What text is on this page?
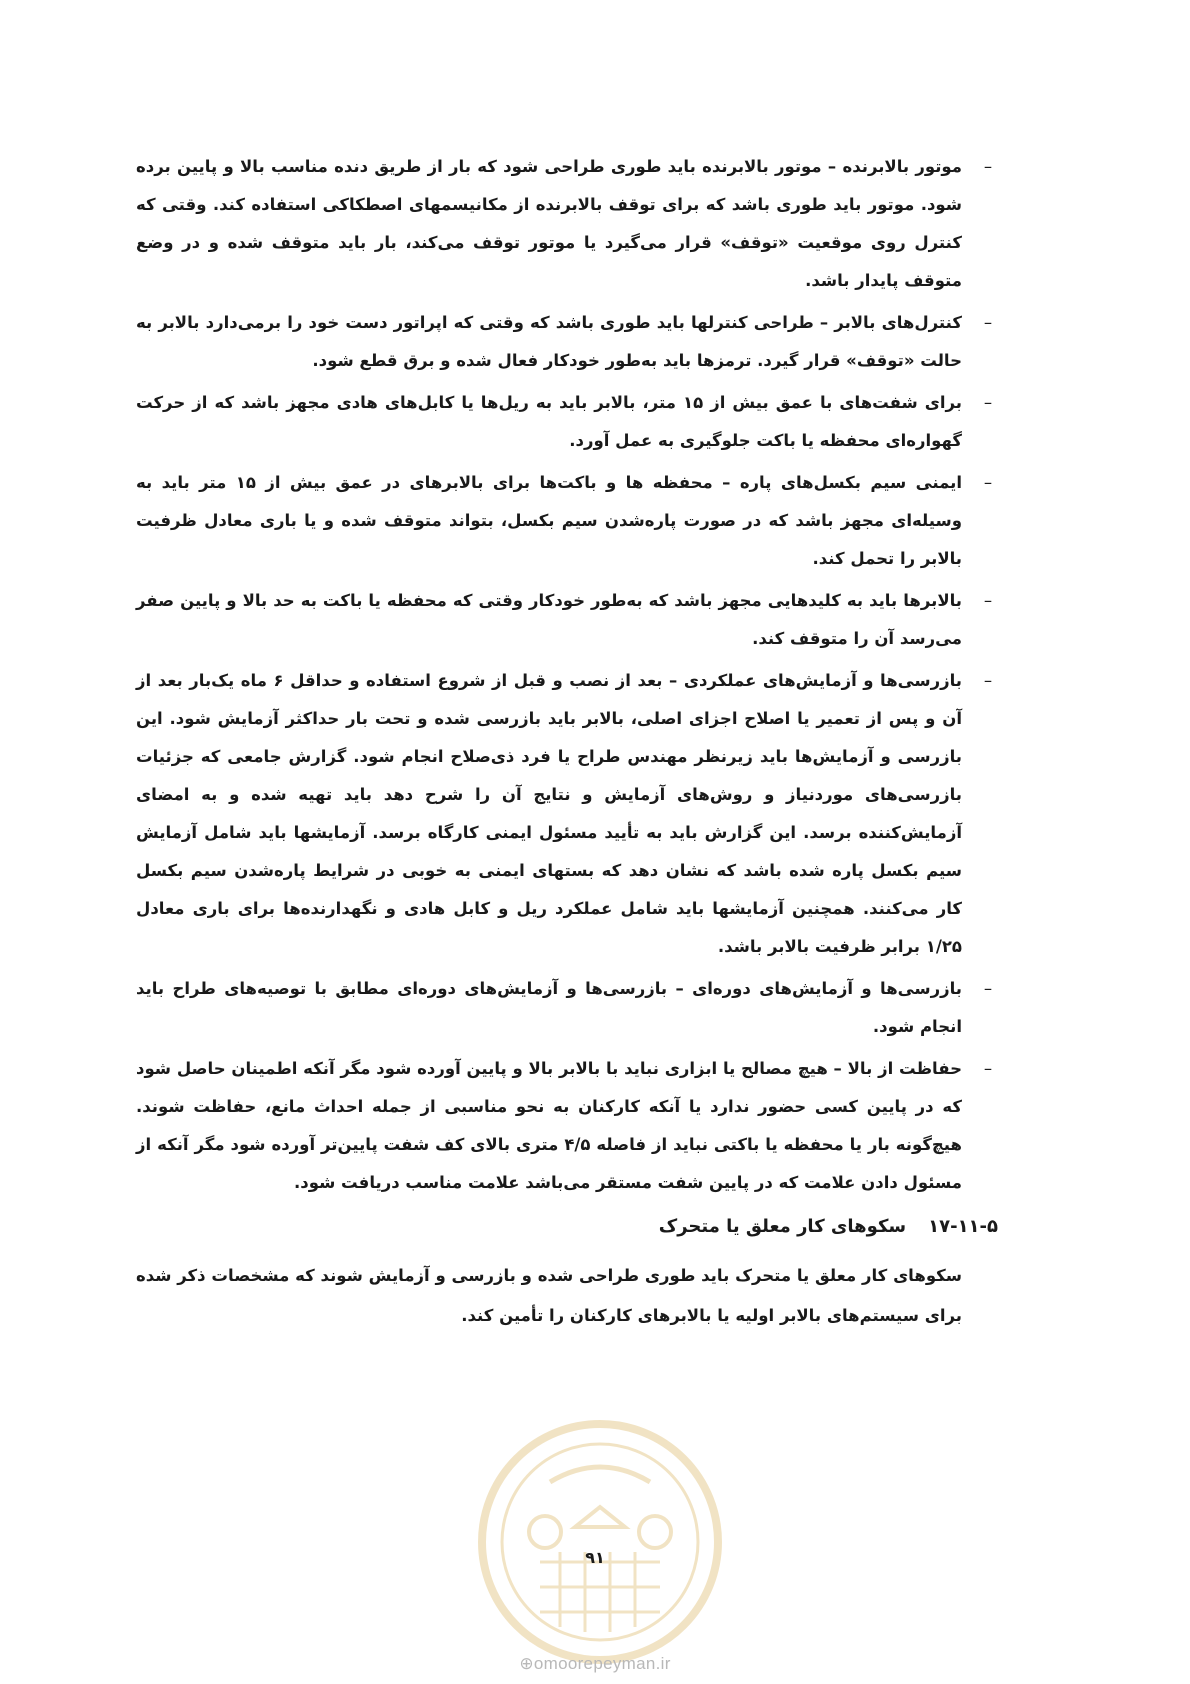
–
موتور بالابرنده – موتور بالابرنده باید طوری طراحی شود که بار از طریق دنده مناسب بالا و پایین برده شود. موتور باید طوری باشد که برای توقف بالابرنده از مکانیسمهای اصطکاکی استفاده کند. وقتی که کنترل روی موقعیت «توقف» قرار می‌گیرد یا موتور توقف می‌کند، بار باید متوقف شده و در وضع متوقف پایدار باشد.
–
کنترل‌های بالابر – طراحی کنترلها باید طوری باشد که وقتی که اپراتور دست خود را برمی‌دارد بالابر به حالت «توقف» قرار گیرد. ترمزها باید به‌طور خودکار فعال شده و برق قطع شود.
–
برای شفت‌های با عمق بیش از ۱۵ متر، بالابر باید به ریل‌ها یا کابل‌های هادی مجهز باشد که از حرکت گهواره‌ای محفظه یا باکت جلوگیری به عمل آورد.
–
ایمنی سیم بکسل‌های پاره – محفظه ها و باکت‌ها برای بالابرهای در عمق بیش از ۱۵ متر باید به وسیله‌ای مجهز باشد که در صورت پاره‌شدن سیم بکسل، بتواند متوقف شده و یا باری معادل ظرفیت بالابر را تحمل کند.
–
بالابرها باید به کلیدهایی مجهز باشد که به‌طور خودکار وقتی که محفظه یا باکت به حد بالا و پایین صفر می‌رسد آن را متوقف کند.
–
بازرسی‌ها و آزمایش‌های عملکردی – بعد از نصب و قبل از شروع استفاده و حداقل ۶ ماه یک‌بار بعد از آن و پس از تعمیر یا اصلاح اجزای اصلی، بالابر باید بازرسی شده و تحت بار حداکثر آزمایش شود. این بازرسی و آزمایش‌ها باید زیرنظر مهندس طراح یا فرد ذی‌صلاح انجام شود. گزارش جامعی که جزئیات بازرسی‌های موردنیاز و روش‌های آزمایش و نتایج آن را شرح دهد باید تهیه شده و به امضای آزمایش‌کننده برسد. این گزارش باید به تأیید مسئول ایمنی کارگاه برسد. آزمایشها باید شامل آزمایش سیم بکسل پاره شده باشد که نشان دهد که بستهای ایمنی به خوبی در شرایط پاره‌شدن سیم بکسل کار می‌کنند. همچنین آزمایشها باید شامل عملکرد ریل و کابل هادی و نگهدارنده‌ها برای باری معادل ۱/۲۵ برابر ظرفیت بالابر باشد.
–
بازرسی‌ها و آزمایش‌های دوره‌ای – بازرسی‌ها و آزمایش‌های دوره‌ای مطابق با توصیه‌های طراح باید انجام شود.
–
حفاظت از بالا – هیچ مصالح یا ابزاری نباید با بالابر بالا و پایین آورده شود مگر آنکه اطمینان حاصل شود که در پایین کسی حضور ندارد یا آنکه کارکنان به نحو مناسبی از جمله احداث مانع، حفاظت شوند. هیچ‌گونه بار یا محفظه یا باکتی نباید از فاصله ۴/۵ متری بالای کف شفت پایین‌تر آورده شود مگر آنکه از مسئول دادن علامت که در پایین شفت مستقر می‌باشد علامت مناسب دریافت شود.
۱۷-۱۱-۵
سکوهای کار معلق یا متحرک

سکوهای کار معلق یا متحرک باید طوری طراحی شده و بازرسی و آزمایش شوند که مشخصات ذکر شده برای سیستم‌های بالابر اولیه یا بالابرهای کارکنان را تأمین کند.

۹۱
⊕omoorepeyman.ir
